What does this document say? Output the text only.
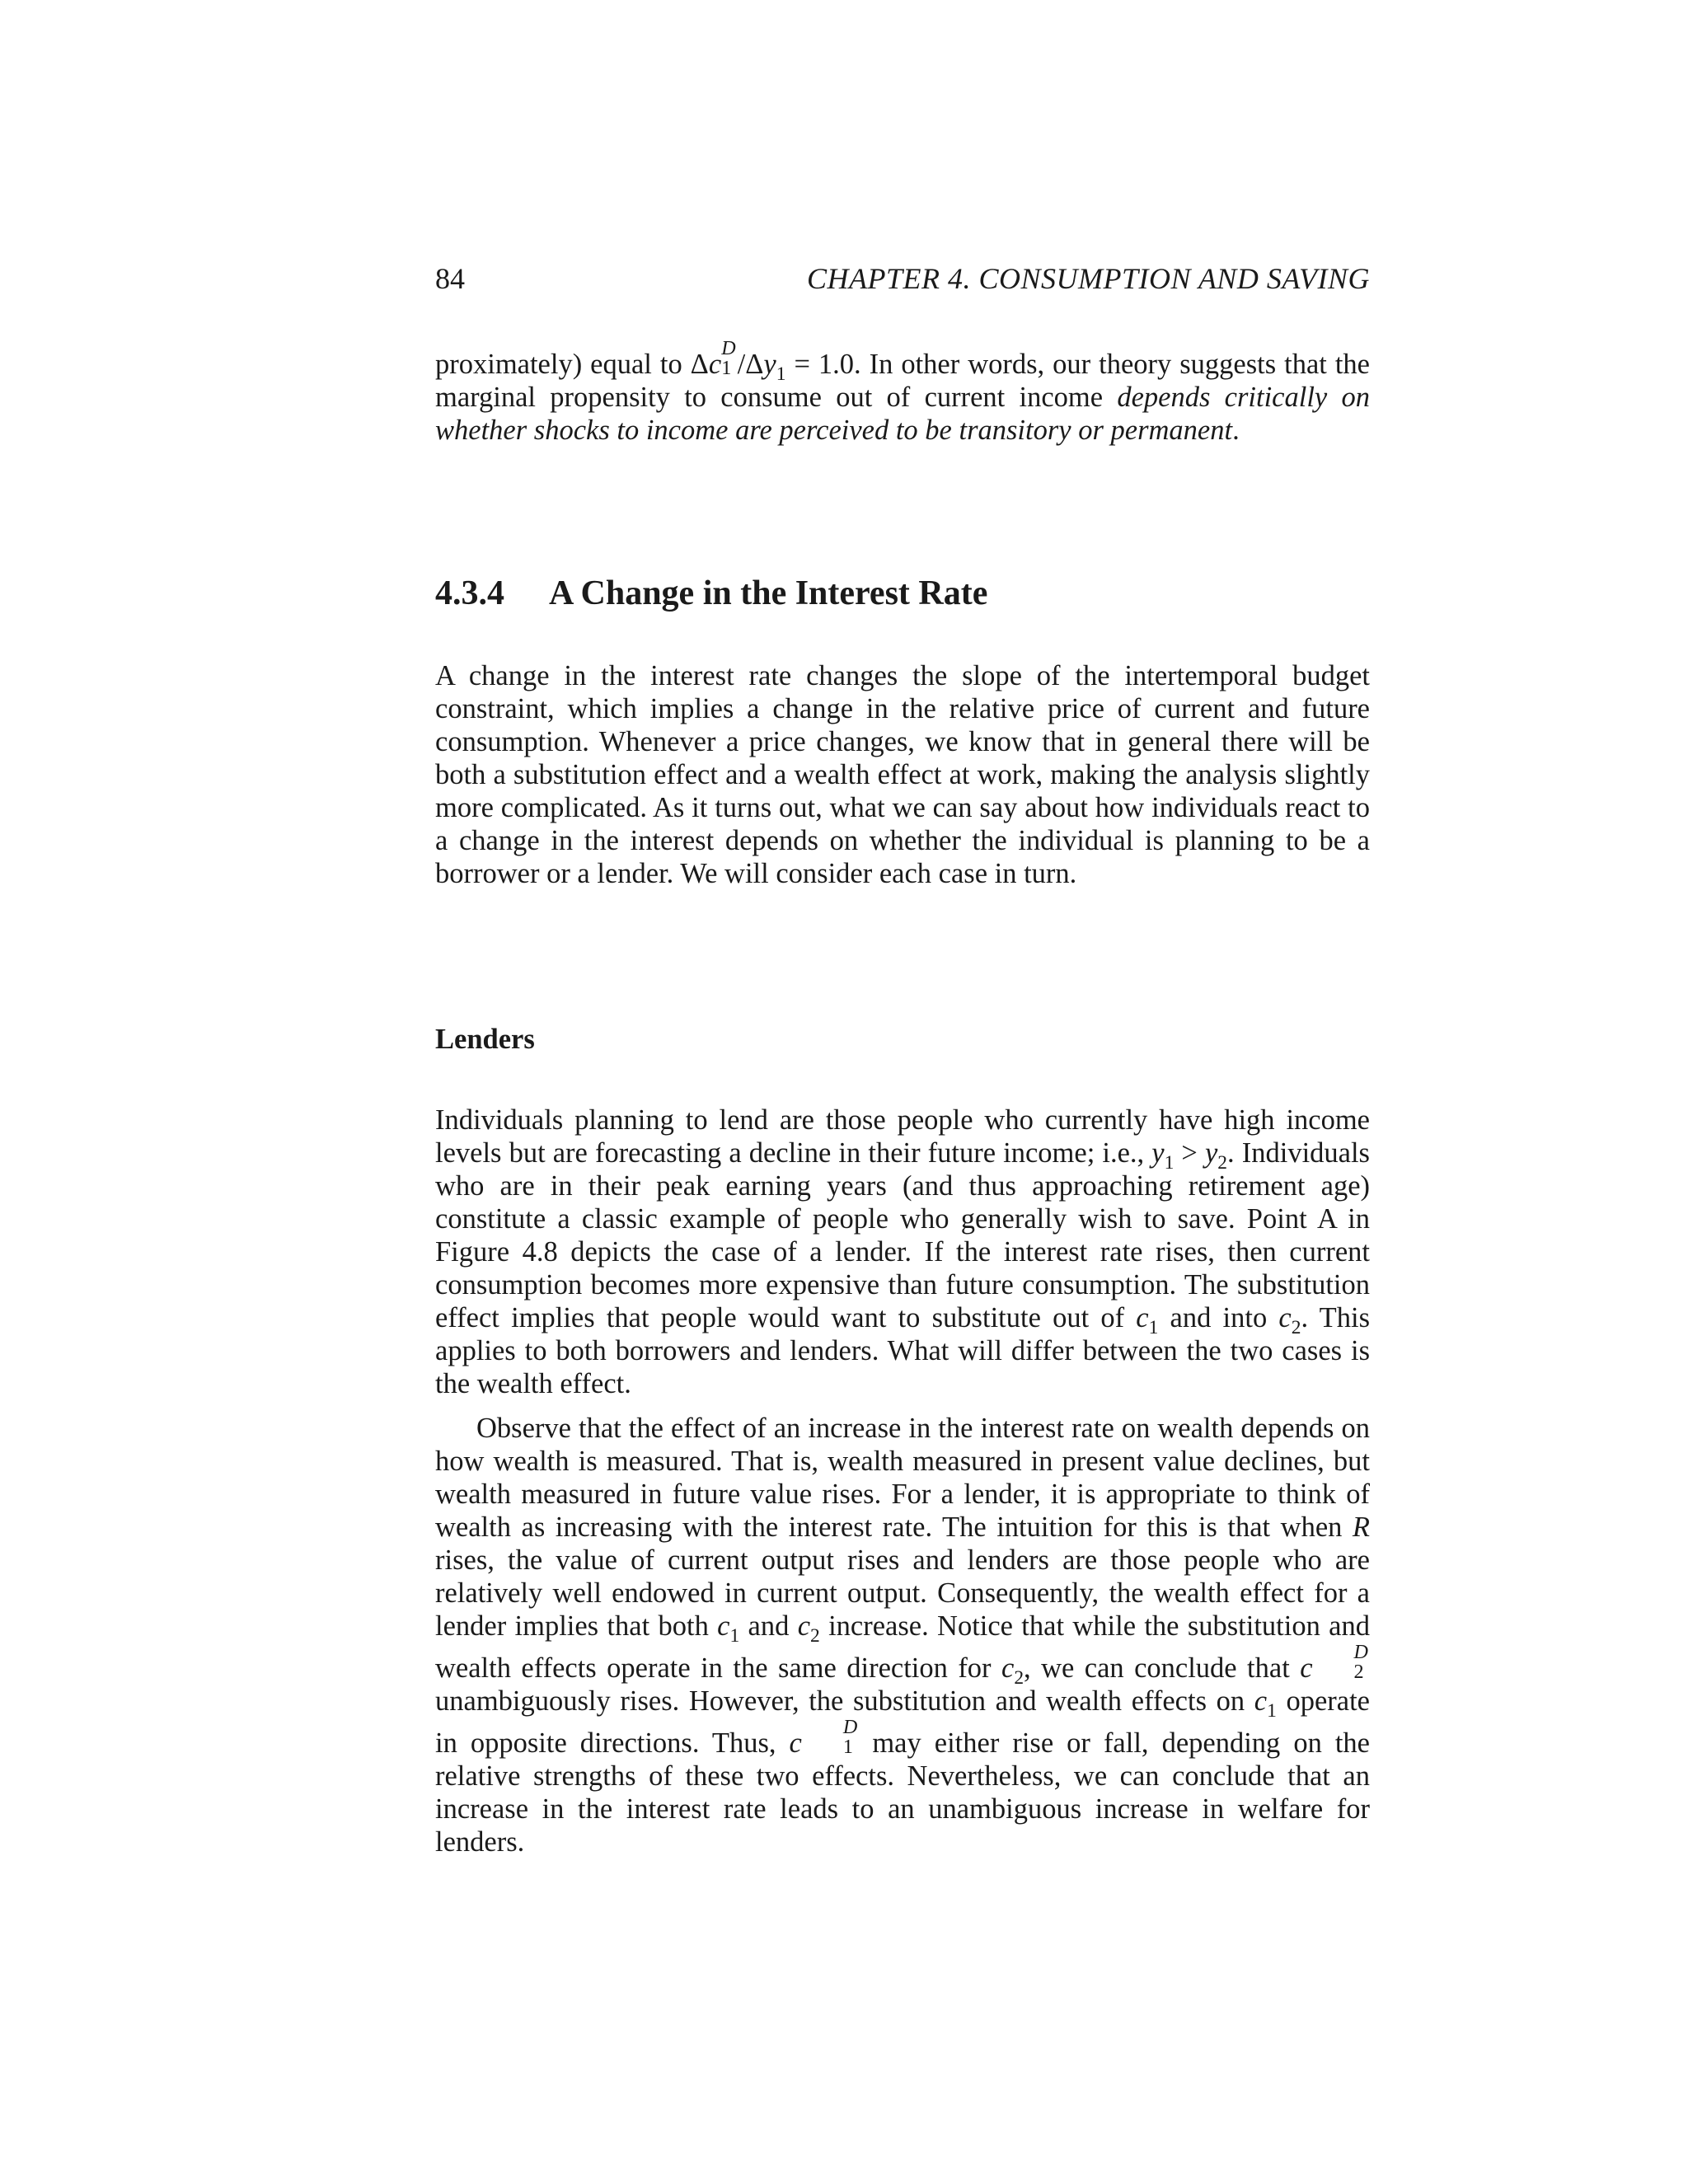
84	CHAPTER 4. CONSUMPTION AND SAVING
proximately) equal to Δc
D
1 $/\Delta y_1 = 1.0$. In other words, our theory suggests that the marginal propensity to consume out of current income depends critically on whether shocks to income are perceived to be transitory or permanent.
4.3.4 A Change in the Interest Rate
A change in the interest rate changes the slope of the intertemporal budget constraint, which implies a change in the relative price of current and future consumption. Whenever a price changes, we know that in general there will be both a substitution effect and a wealth effect at work, making the analysis slightly more complicated. As it turns out, what we can say about how individuals react to a change in the interest depends on whether the individual is planning to be a borrower or a lender. We will consider each case in turn.
Lenders
Individuals planning to lend are those people who currently have high income levels but are forecasting a decline in their future income; i.e., $y_1 > y_2$. Individuals who are in their peak earning years (and thus approaching retirement age) constitute a classic example of people who generally wish to save. Point A in Figure 4.8 depicts the case of a lender. If the interest rate rises, then current consumption becomes more expensive than future consumption. The substitution effect implies that people would want to substitute out of $c_1$ and into $c_2$. This applies to both borrowers and lenders. What will differ between the two cases is the wealth effect.
Observe that the effect of an increase in the interest rate on wealth depends on how wealth is measured. That is, wealth measured in present value declines, but wealth measured in future value rises. For a lender, it is appropriate to think of wealth as increasing with the interest rate. The intuition for this is that when R rises, the value of current output rises and lenders are those people who are relatively well endowed in current output. Consequently, the wealth effect for a lender implies that both $c_1$ and $c_2$ increase. Notice that while the substitution and wealth effects operate in the same direction for $c_2$, we can conclude that c
D
2
unambiguously rises. However, the substitution and wealth effects on $c_1$ operate in opposite directions. Thus, c
D
1 may either rise or fall, depending on the relative strengths of these two effects. Nevertheless, we can conclude that an increase in the interest rate leads to an unambiguous increase in welfare for lenders.
